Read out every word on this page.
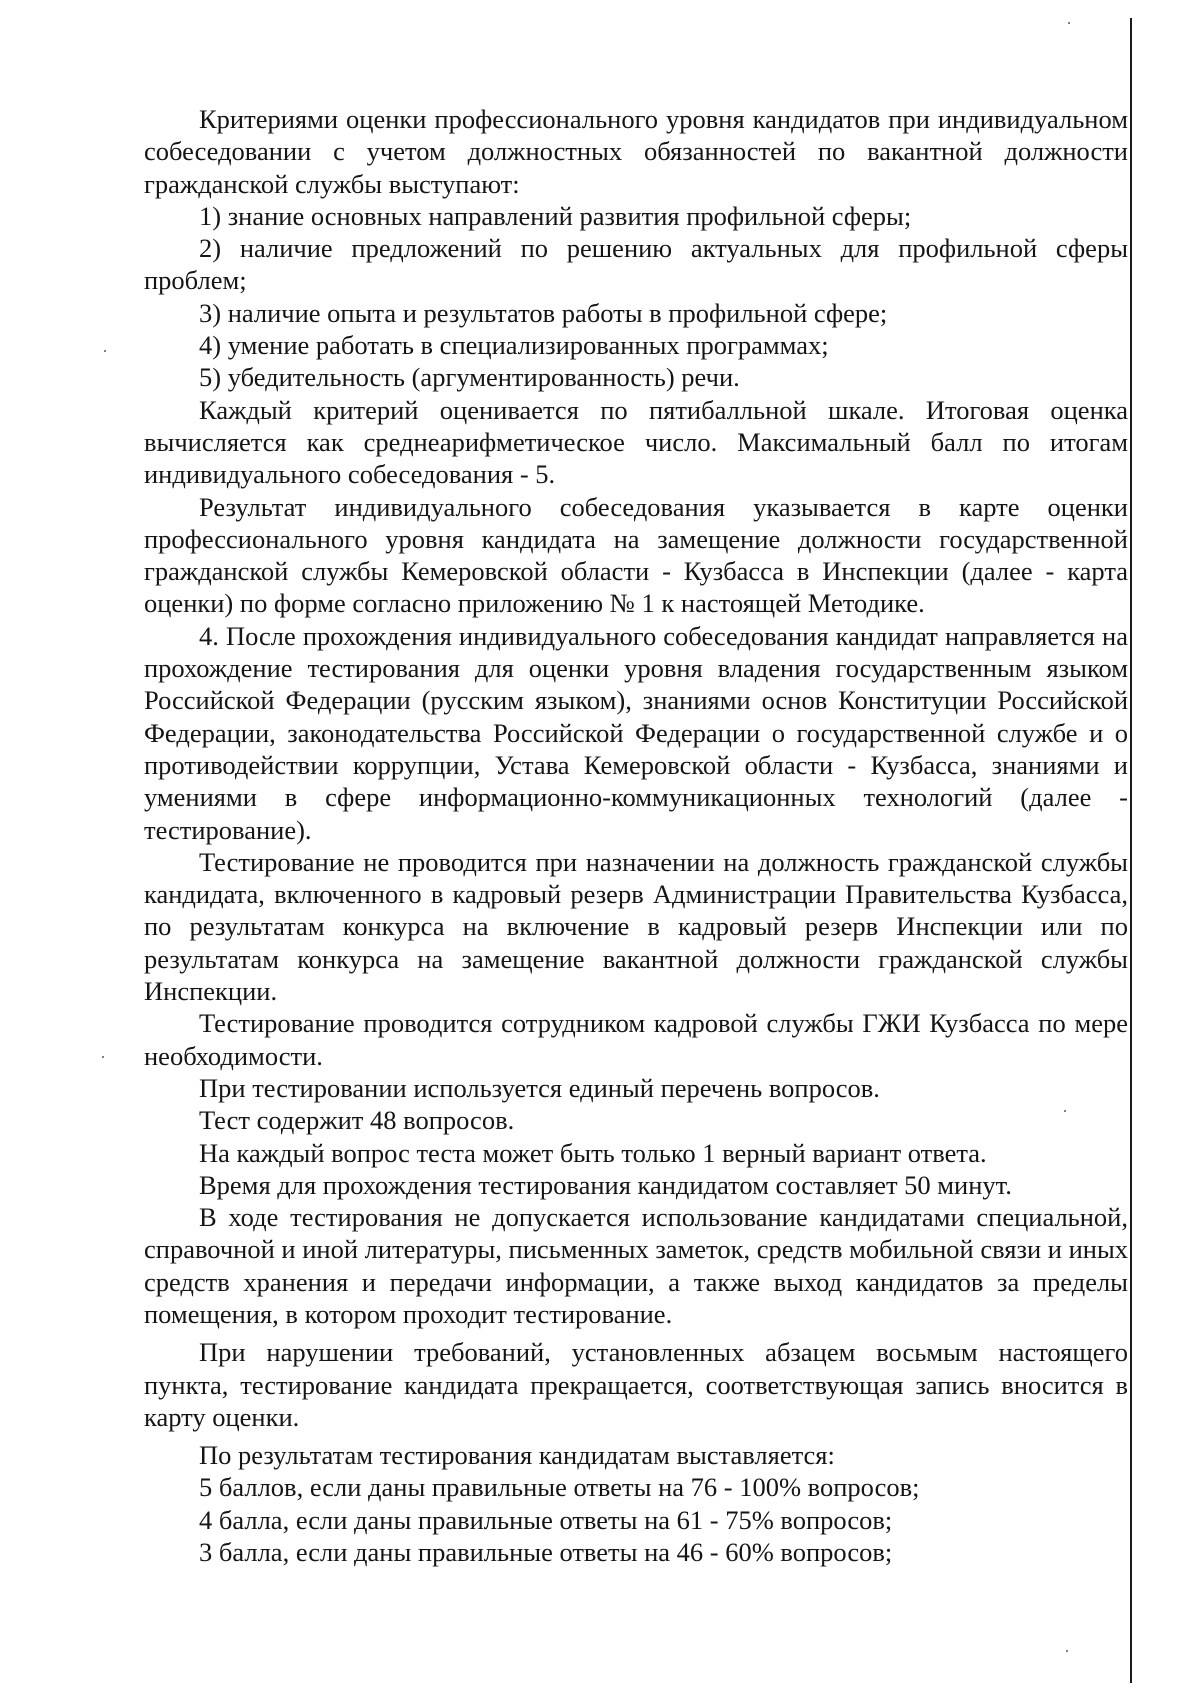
Критериями оценки профессионального уровня кандидатов при индивидуальном собеседовании с учетом должностных обязанностей по вакантной должности гражданской службы выступают:

1) знание основных направлений развития профильной сферы;

2) наличие предложений по решению актуальных для профильной сферы проблем;

3) наличие опыта и результатов работы в профильной сфере;

4) умение работать в специализированных программах;

5) убедительность (аргументированность) речи.

Каждый критерий оценивается по пятибалльной шкале. Итоговая оценка вычисляется как среднеарифметическое число. Максимальный балл по итогам индивидуального собеседования - 5.

Результат индивидуального собеседования указывается в карте оценки профессионального уровня кандидата на замещение должности государственной гражданской службы Кемеровской области - Кузбасса в Инспекции (далее - карта оценки) по форме согласно приложению № 1 к настоящей Методике.

4. После прохождения индивидуального собеседования кандидат направляется на прохождение тестирования для оценки уровня владения государственным языком Российской Федерации (русским языком), знаниями основ Конституции Российской Федерации, законодательства Российской Федерации о государственной службе и о противодействии коррупции, Устава Кемеровской области - Кузбасса, знаниями и умениями в сфере информационно-коммуникационных технологий (далее - тестирование).

Тестирование не проводится при назначении на должность гражданской службы кандидата, включенного в кадровый резерв Администрации Правительства Кузбасса, по результатам конкурса на включение в кадровый резерв Инспекции или по результатам конкурса на замещение вакантной должности гражданской службы Инспекции.

Тестирование проводится сотрудником кадровой службы ГЖИ Кузбасса по мере необходимости.

При тестировании используется единый перечень вопросов.

Тест содержит 48 вопросов.

На каждый вопрос теста может быть только 1 верный вариант ответа.

Время для прохождения тестирования кандидатом составляет 50 минут.

В ходе тестирования не допускается использование кандидатами специальной, справочной и иной литературы, письменных заметок, средств мобильной связи и иных средств хранения и передачи информации, а также выход кандидатов за пределы помещения, в котором проходит тестирование.

При нарушении требований, установленных абзацем восьмым настоящего пункта, тестирование кандидата прекращается, соответствующая запись вносится в карту оценки.

По результатам тестирования кандидатам выставляется:

5 баллов, если даны правильные ответы на 76 - 100% вопросов;

4 балла, если даны правильные ответы на 61 - 75% вопросов;

3 балла, если даны правильные ответы на 46 - 60% вопросов;
